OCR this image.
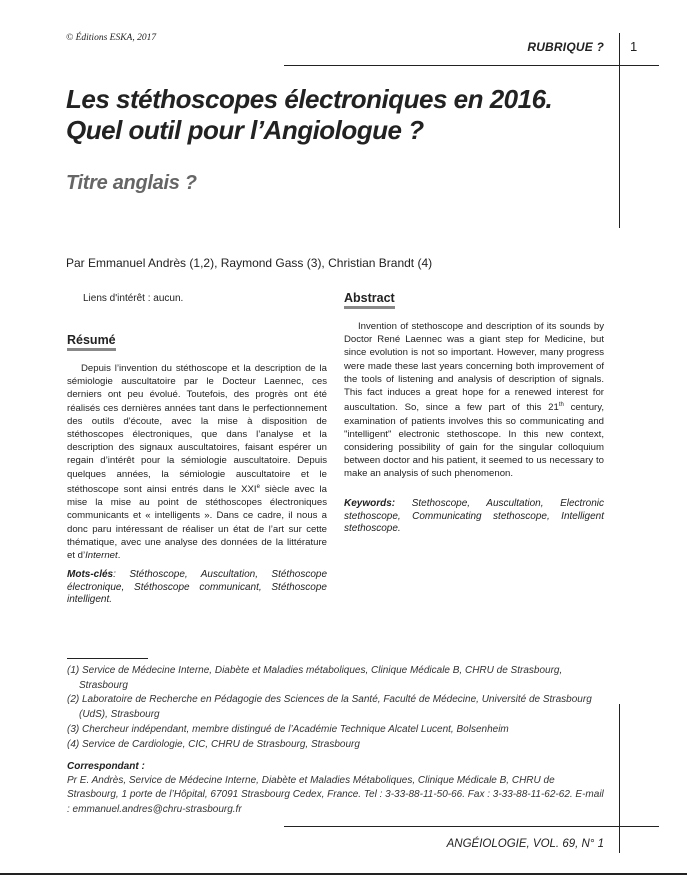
© Éditions ESKA, 2017
RUBRIQUE ? 1
Les stéthoscopes électroniques en 2016.
Quel outil pour l’Angiologue ?
Titre anglais ?
Par Emmanuel Andrès (1,2), Raymond Gass (3), Christian Brandt (4)
Liens d'intérêt : aucun.
Résumé

Depuis l’invention du stéthoscope et la description de la sémiologie auscultatoire par le Docteur Laennec, ces derniers ont peu évolué. Toutefois, des progrès ont été réalisés ces dernières années tant dans le perfectionnement des outils d'écoute, avec la mise à disposition de stéthoscopes électroniques, que dans l’analyse et la description des signaux auscultatoires, faisant espérer un regain d’intérêt pour la sémiologie auscultatoire. Depuis quelques années, la sémiologie auscultatoire et le stéthoscope sont ainsi entrés dans le XXIe siècle avec la mise la mise au point de stéthoscopes électroniques communicants et « intelligents ». Dans ce cadre, il nous a donc paru intéressant de réaliser un état de l’art sur cette thématique, avec une analyse des données de la littérature et d’Internet.

Mots-clés: Stéthoscope, Auscultation, Stéthoscope électronique, Stéthoscope communicant, Stéthoscope intelligent.
Abstract

Invention of stethoscope and description of its sounds by Doctor René Laennec was a giant step for Medicine, but since evolution is not so important. However, many progress were made these last years concerning both improvement of the tools of listening and analysis of description of signals. This fact induces a great hope for a renewed interest for auscultation. So, since a few part of this 21th century, examination of patients involves this so communicating and "intelligent" electronic stethoscope. In this new context, considering possibility of gain for the singular colloquium between doctor and his patient, it seemed to us necessary to make an analysis of such phenomenon.

Keywords: Stethoscope, Auscultation, Electronic stethoscope, Communicating stethoscope, Intelligent stethoscope.
(1) Service de Médecine Interne, Diabète et Maladies métaboliques, Clinique Médicale B, CHRU de Strasbourg, Strasbourg
(2) Laboratoire de Recherche en Pédagogie des Sciences de la Santé, Faculté de Médecine, Université de Strasbourg (UdS), Strasbourg
(3) Chercheur indépendant, membre distingué de l’Académie Technique Alcatel Lucent, Bolsenheim
(4) Service de Cardiologie, CIC, CHRU de Strasbourg, Strasbourg
Correspondant :
Pr E. Andrès, Service de Médecine Interne, Diabète et Maladies Métaboliques, Clinique Médicale B, CHRU de Strasbourg, 1 porte de l’Hôpital, 67091 Strasbourg Cedex, France. Tel : 3-33-88-11-50-66. Fax : 3-33-88-11-62-62. E-mail : emmanuel.andres@chru-strasbourg.fr
ANGÉIOLOGIE, VOL. 69, N° 1
